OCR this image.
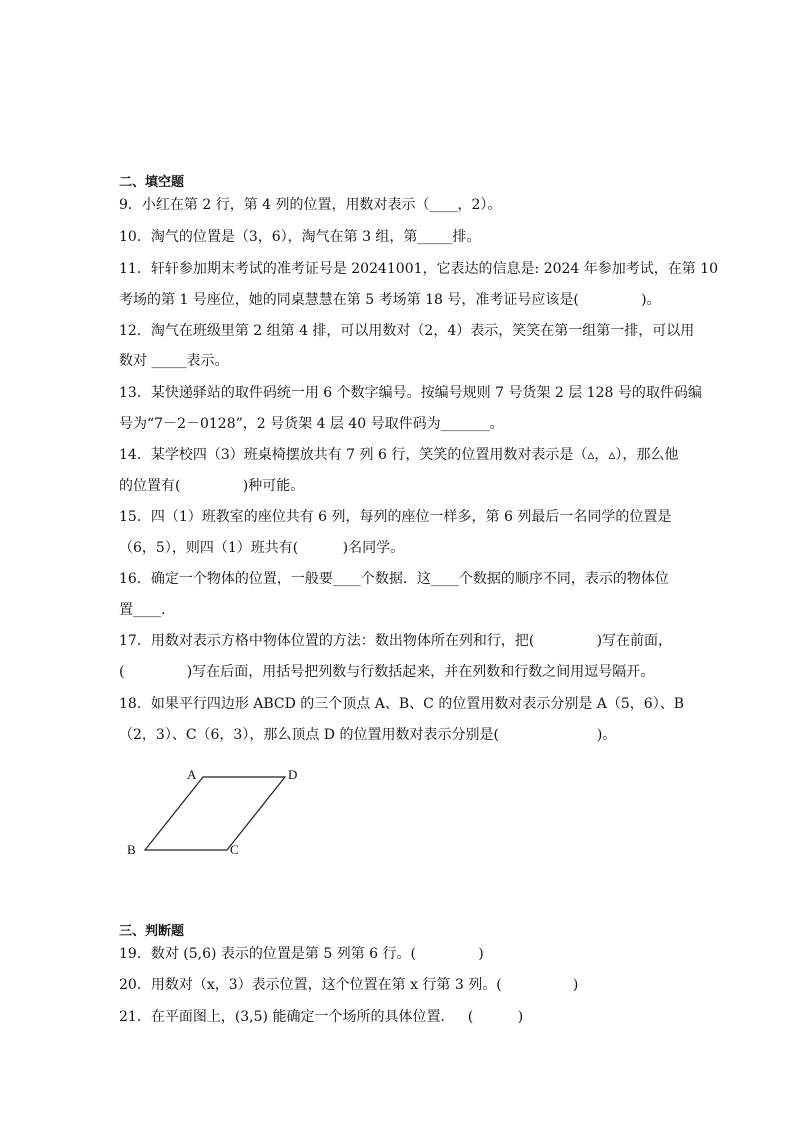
二、填空题
9．小红在第 2 行，第 4 列的位置，用数对表示（____，2）。
10．淘气的位置是（3，6），淘气在第 3 组，第_____排。
11．轩轩参加期末考试的准考证号是 20241001，它表达的信息是: 2024 年参加考试，在第 10
考场的第 1 号座位，她的同桌慧慧在第 5 考场第 18 号，准考证号应该是(              )。
12．淘气在班级里第 2 组第 4 排，可以用数对（2，4）表示，笑笑在第一组第一排，可以用
数对 _____表示。
13．某快递驿站的取件码统一用 6 个数字编号。按编号规则 7 号货架 2 层 128 号的取件码编
号为“7－2－0128”，2 号货架 4 层 40 号取件码为_______。
14．某学校四（3）班桌椅摆放共有 7 列 6 行，笑笑的位置用数对表示是（▵，▵），那么他
的位置有(              )种可能。
15．四（1）班教室的座位共有 6 列，每列的座位一样多，第 6 列最后一名同学的位置是
（6，5），则四（1）班共有(          )名同学。
16．确定一个物体的位置，一般要____个数据．这____个数据的顺序不同，表示的物体位
置____.
17．用数对表示方格中物体位置的方法：数出物体所在列和行，把(              )写在前面，
(              )写在后面，用括号把列数与行数括起来，并在列数和行数之间用逗号隔开。
18．如果平行四边形 ABCD 的三个顶点 A、B、C 的位置用数对表示分别是 A（5，6）、B
（2，3）、C（6，3），那么顶点 D 的位置用数对表示分别是(                      )。
A	D
B	C
三、判断题
19．数对 (5,6) 表示的位置是第 5 列第 6 行。(              )
20．用数对（x，3）表示位置，这个位置在第 x 行第 3 列。(                )
21．在平面图上，(3,5) 能确定一个场所的具体位置．   (          )
